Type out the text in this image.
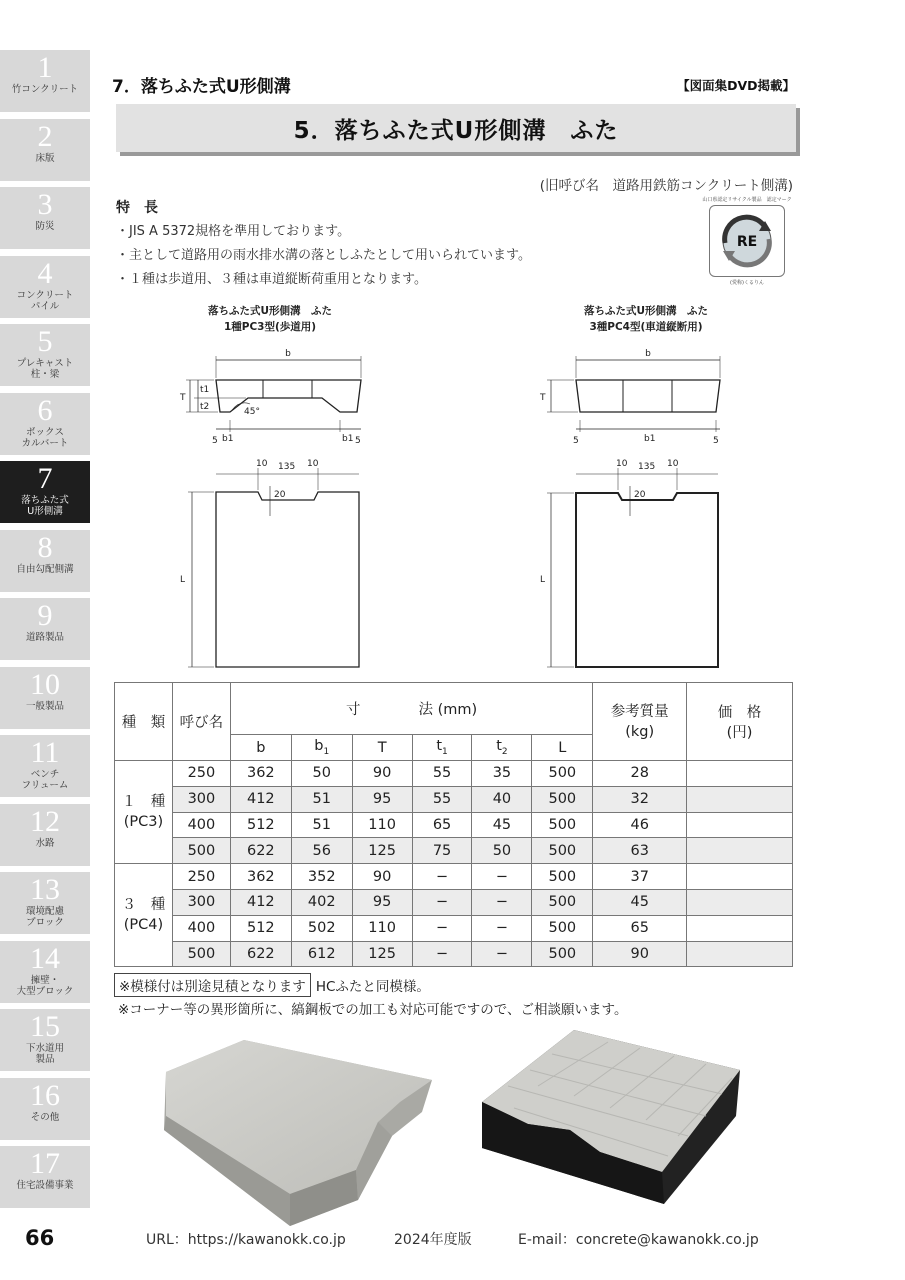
1
竹コンクリート
2
床版
3
防災
4
コンクリート
パイル
5
プレキャスト
柱・梁
6
ボックス
カルバート
7
落ちふた式
U形側溝
8
自由勾配側溝
9
道路製品
10
一般製品
11
ベンチ
フリューム
12
水路
13
環境配慮
ブロック
14
擁壁・
大型ブロック
15
下水道用
製品
16
その他
17
住宅設備事業
7．落ちふた式U形側溝	【図面集DVD掲載】
5．落ちふた式U形側溝　ふた
(旧呼び名　道路用鉄筋コンクリート側溝)
特長
・JIS A 5372規格を準用しております。
・主として道路用の雨水排水溝の落としふたとして用いられています。
・１種は歩道用、３種は車道縦断荷重用となります。
山口県認定リサイクル製品　認定マーク
RE
(愛称)くるりん
落ちふた式U形側溝　ふた
1種PC3型(歩道用)
落ちふた式U形側溝　ふた
3種PC4型(車道縦断用)
b
T
t1
t2	45°
5 b1	b1 5
10 135 10
20
L
b
T
5	b1	5
10 135 10
20
L
種　類	呼び名	寸　　　　法 (mm)						参考質量
(kg)	価　格
(円)
		b	$b_1$	T	$t_1$	$t_2$	L		
１　種
(PC3)	250	362	50	90	55	35	500	28	
	300	412	51	95	55	40	500	32	
	400	512	51	110	65	45	500	46	
	500	622	56	125	75	50	500	63	
３　種
(PC4)	250	362	352	90	−	−	500	37	
	300	412	402	95	−	−	500	45	
	400	512	502	110	−	−	500	65	
	500	622	612	125	−	−	500	90	
※模様付は別途見積となります HCふたと同模様。
※コーナー等の異形箇所に、縞鋼板での加工も対応可能ですので、ご相談願います。
66	URL：https://kawanokk.co.jp	2024年度版	E-mail：concrete@kawanokk.co.jp
